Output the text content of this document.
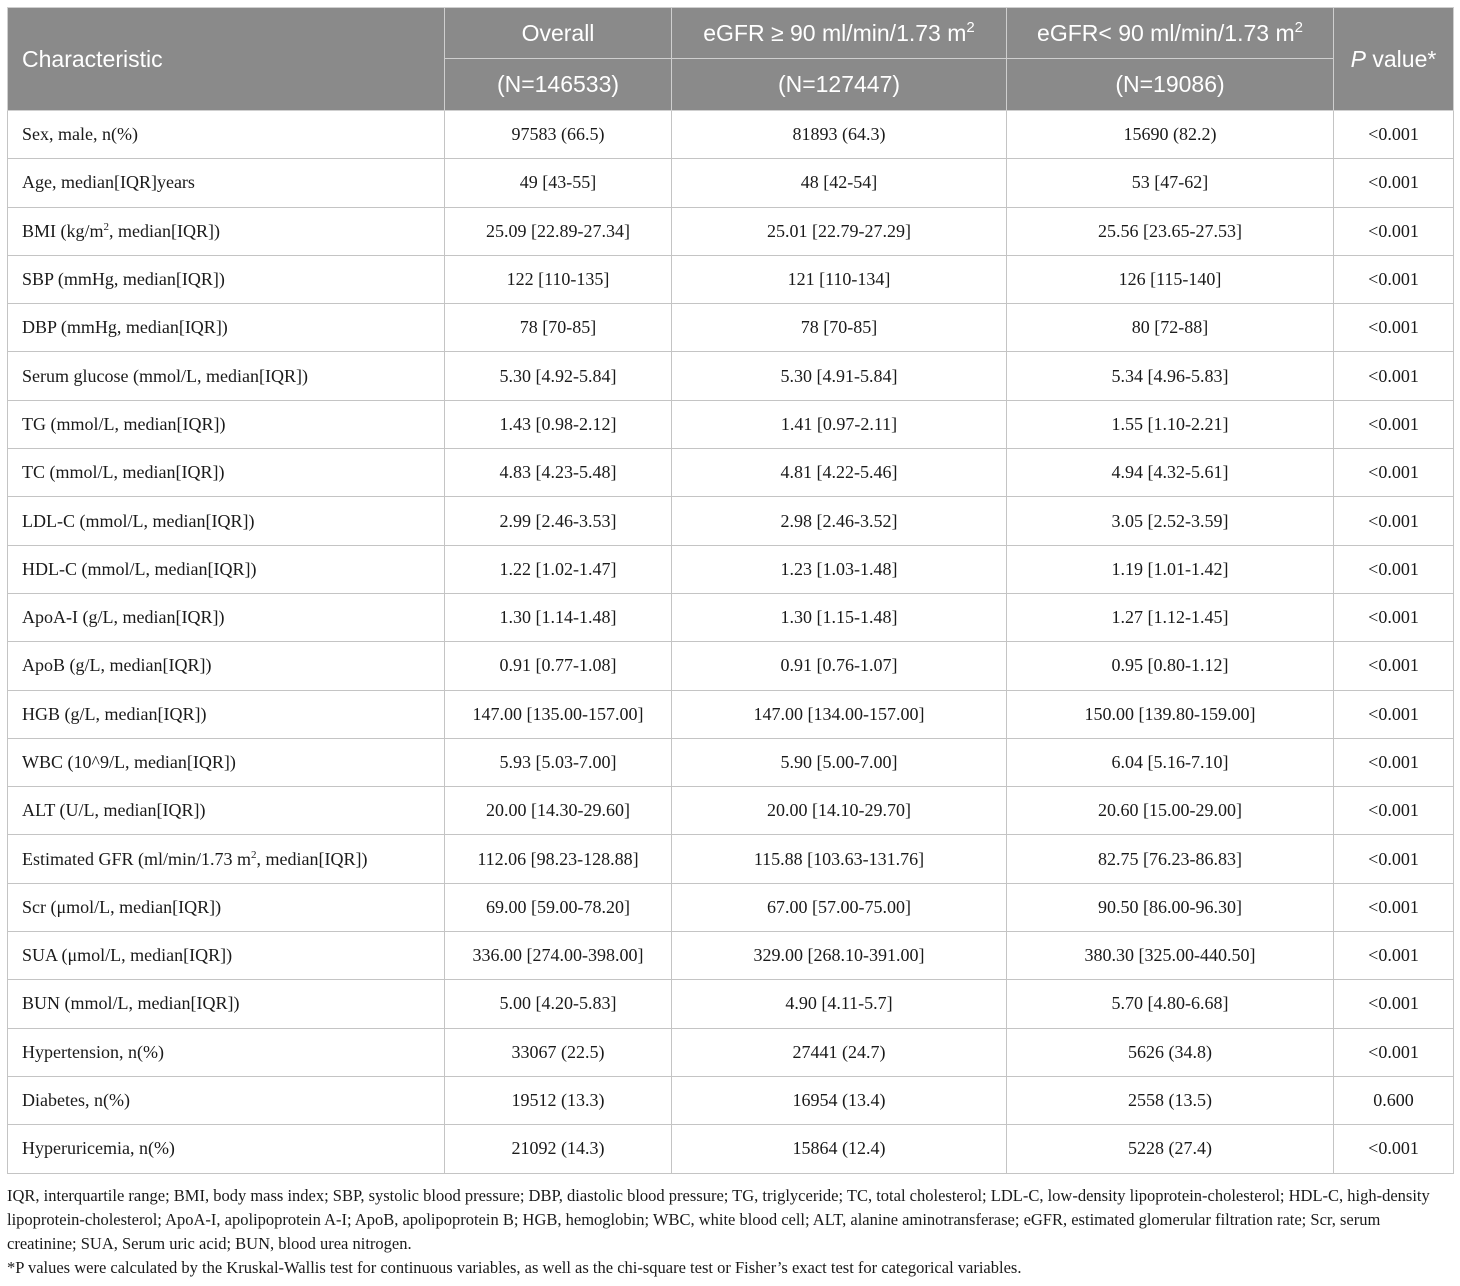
Characteristic	Overall	eGFR ≥ 90 ml/min/1.73 $m^2$	eGFR< 90 ml/min/1.73 $m^2$	P value*
	(N=146533)	(N=127447)	(N=19086)	
Sex, male, n(%)	97583 (66.5)	81893 (64.3)	15690 (82.2)	<0.001
Age, median[IQR]years	49 [43-55]	48 [42-54]	53 [47-62]	<0.001
BMI ($kg/m^2$, median[IQR])	25.09 [22.89-27.34]	25.01 [22.79-27.29]	25.56 [23.65-27.53]	<0.001
SBP (mmHg, median[IQR])	122 [110-135]	121 [110-134]	126 [115-140]	<0.001
DBP (mmHg, median[IQR])	78 [70-85]	78 [70-85]	80 [72-88]	<0.001
Serum glucose (mmol/L, median[IQR])	5.30 [4.92-5.84]	5.30 [4.91-5.84]	5.34 [4.96-5.83]	<0.001
TG (mmol/L, median[IQR])	1.43 [0.98-2.12]	1.41 [0.97-2.11]	1.55 [1.10-2.21]	<0.001
TC (mmol/L, median[IQR])	4.83 [4.23-5.48]	4.81 [4.22-5.46]	4.94 [4.32-5.61]	<0.001
LDL-C (mmol/L, median[IQR])	2.99 [2.46-3.53]	2.98 [2.46-3.52]	3.05 [2.52-3.59]	<0.001
HDL-C (mmol/L, median[IQR])	1.22 [1.02-1.47]	1.23 [1.03-1.48]	1.19 [1.01-1.42]	<0.001
ApoA-I (g/L, median[IQR])	1.30 [1.14-1.48]	1.30 [1.15-1.48]	1.27 [1.12-1.45]	<0.001
ApoB (g/L, median[IQR])	0.91 [0.77-1.08]	0.91 [0.76-1.07]	0.95 [0.80-1.12]	<0.001
HGB (g/L, median[IQR])	147.00 [135.00-157.00]	147.00 [134.00-157.00]	150.00 [139.80-159.00]	<0.001
WBC (10^9/L, median[IQR])	5.93 [5.03-7.00]	5.90 [5.00-7.00]	6.04 [5.16-7.10]	<0.001
ALT (U/L, median[IQR])	20.00 [14.30-29.60]	20.00 [14.10-29.70]	20.60 [15.00-29.00]	<0.001
Estimated GFR (ml/min/1.73 $m^2$, median[IQR])	112.06 [98.23-128.88]	115.88 [103.63-131.76]	82.75 [76.23-86.83]	<0.001
Scr (μmol/L, median[IQR])	69.00 [59.00-78.20]	67.00 [57.00-75.00]	90.50 [86.00-96.30]	<0.001
SUA (μmol/L, median[IQR])	336.00 [274.00-398.00]	329.00 [268.10-391.00]	380.30 [325.00-440.50]	<0.001
BUN (mmol/L, median[IQR])	5.00 [4.20-5.83]	4.90 [4.11-5.7]	5.70 [4.80-6.68]	<0.001
Hypertension, n(%)	33067 (22.5)	27441 (24.7)	5626 (34.8)	<0.001
Diabetes, n(%)	19512 (13.3)	16954 (13.4)	2558 (13.5)	0.600
Hyperuricemia, n(%)	21092 (14.3)	15864 (12.4)	5228 (27.4)	<0.001

IQR, interquartile range; BMI, body mass index; SBP, systolic blood pressure; DBP, diastolic blood pressure; TG, triglyceride; TC, total cholesterol; LDL-C, low-density lipoprotein-cholesterol; HDL-C, high-density lipoprotein-cholesterol; ApoA-I, apolipoprotein A-I; ApoB, apolipoprotein B; HGB, hemoglobin; WBC, white blood cell; ALT, alanine aminotransferase; eGFR, estimated glomerular filtration rate; Scr, serum creatinine; SUA, Serum uric acid; BUN, blood urea nitrogen.

*P values were calculated by the Kruskal-Wallis test for continuous variables, as well as the chi-square test or Fisher’s exact test for categorical variables.
